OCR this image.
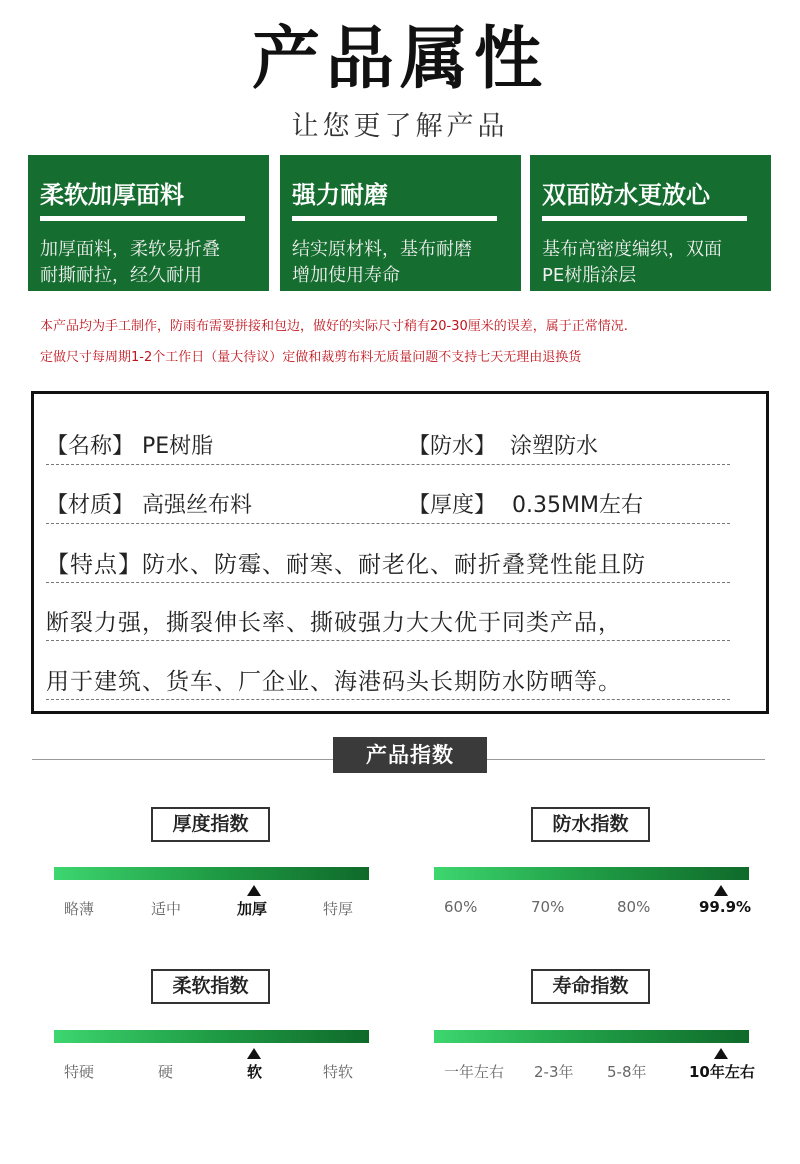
产品属性
让您更了解产品
柔软加厚面料
加厚面料，柔软易折叠
耐撕耐拉，经久耐用
强力耐磨
结实原材料，基布耐磨
增加使用寿命
双面防水更放心
基布高密度编织，双面
PE树脂涂层
本产品均为手工制作，防雨布需要拼接和包边，做好的实际尺寸稍有20-30厘米的误差，属于正常情况.
定做尺寸每周期1-2个工作日（量大待议）定做和裁剪布料无质量问题不支持七天无理由退换货
【名称】 PE树脂	【防水】 涂塑防水
【材质】 高强丝布料	【厚度】 0.35MM左右
【特点】防水、防霉、耐寒、耐老化、耐折叠凳性能且防
断裂力强，撕裂伸长率、撕破强力大大优于同类产品，
用于建筑、货车、厂企业、海港码头长期防水防晒等。
产品指数
厚度指数
略薄	适中	加厚	特厚
防水指数
60%	70%	80%	99.9%
柔软指数
特硬	硬	软	特软
寿命指数
一年左右 2-3年 5-8年	10年左右
